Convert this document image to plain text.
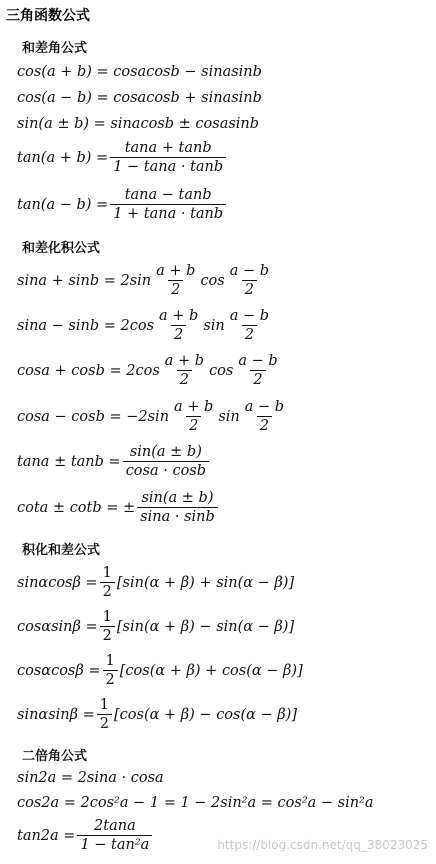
三角函数公式
和差角公式
cos(a + b) = cosacosb − sinasinb
cos(a − b) = cosacosb + sinasinb
sin(a ± b) = sinacosb ± cosasinb
$\tan(a + b) = \frac{\tan a + \tan b}{1 - \tan a \cdot \tan b}$
$\tan(a - b) = \frac{\tan a - \tan b}{1 + \tan a \cdot \tan b}$
和差化积公式
$\sin a + \sin b = 2\sin \frac{a + b}{2}$ $\cos \frac{a - b}{2}$
$\sin a - \sin b = 2\cos \frac{a + b}{2}$ $\sin \frac{a - b}{2}$
$\cos a + \cos b = 2\cos \frac{a + b}{2}$ $\cos \frac{a - b}{2}$
$\cos a - \cos b = -2\sin \frac{a + b}{2}$ $\sin \frac{a - b}{2}$
$\tan a \pm \tan b = \frac{\sin(a \pm b)}{\cos a \cdot \cos b}$
cota ± cotb = ± $\frac{\sin(a \pm b)}{\sin a \cdot \sin b}$
积化和差公式
$\sin\alpha\cos\beta = \frac{1}{2} [\sin(\alpha + \beta) + \sin(\alpha - \beta)]$
$\cos\alpha\sin\beta = \frac{1}{2} [\sin(\alpha + \beta) - \sin(\alpha - \beta)]$
$\cos\alpha\cos\beta = \frac{1}{2} [\cos(\alpha + \beta) + \cos(\alpha - \beta)]$
$\sin\alpha\sin\beta = \frac{1}{2} [\cos(\alpha + \beta) - \cos(\alpha - \beta)]$
二倍角公式
sin2a = 2sina · cosa
cos2a = 2cos²a − 1 = 1 − 2sin²a = cos²a − sin²a
$\tan 2a = \frac{2\tan a}{\text{1 − tan²a}}$	https://blog.csdn.net/qq_38023025
